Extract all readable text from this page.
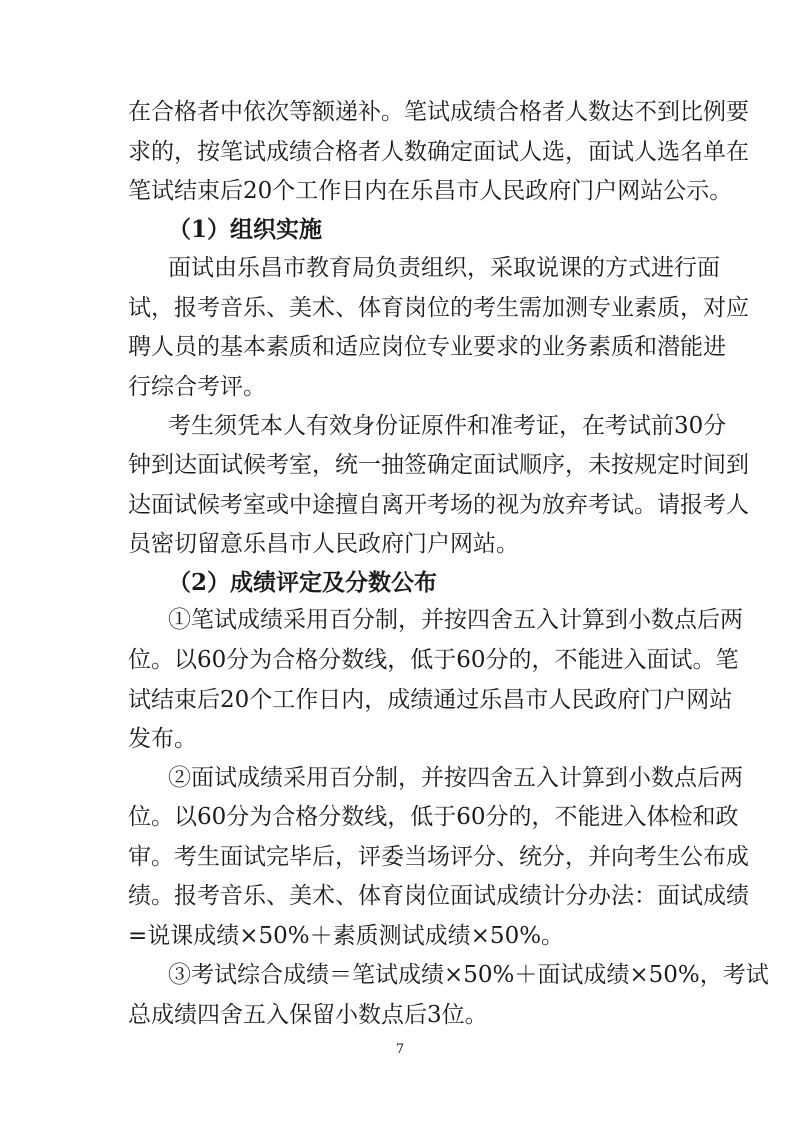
在合格者中依次等额递补。笔试成绩合格者人数达不到比例要
求的，按笔试成绩合格者人数确定面试人选，面试人选名单在
笔试结束后20个工作日内在乐昌市人民政府门户网站公示。
（1）组织实施
面试由乐昌市教育局负责组织，采取说课的方式进行面
试，报考音乐、美术、体育岗位的考生需加测专业素质，对应
聘人员的基本素质和适应岗位专业要求的业务素质和潜能进
行综合考评。
考生须凭本人有效身份证原件和准考证，在考试前30分
钟到达面试候考室，统一抽签确定面试顺序，未按规定时间到
达面试候考室或中途擅自离开考场的视为放弃考试。请报考人
员密切留意乐昌市人民政府门户网站。
（2）成绩评定及分数公布
①笔试成绩采用百分制，并按四舍五入计算到小数点后两
位。以60分为合格分数线，低于60分的，不能进入面试。笔
试结束后20个工作日内，成绩通过乐昌市人民政府门户网站
发布。
②面试成绩采用百分制，并按四舍五入计算到小数点后两
位。以60分为合格分数线，低于60分的，不能进入体检和政
审。考生面试完毕后，评委当场评分、统分，并向考生公布成
绩。报考音乐、美术、体育岗位面试成绩计分办法：面试成绩
=说课成绩×50%＋素质测试成绩×50%。
7
③考试综合成绩＝笔试成绩×50%＋面试成绩×50%，考试
总成绩四舍五入保留小数点后3位。
